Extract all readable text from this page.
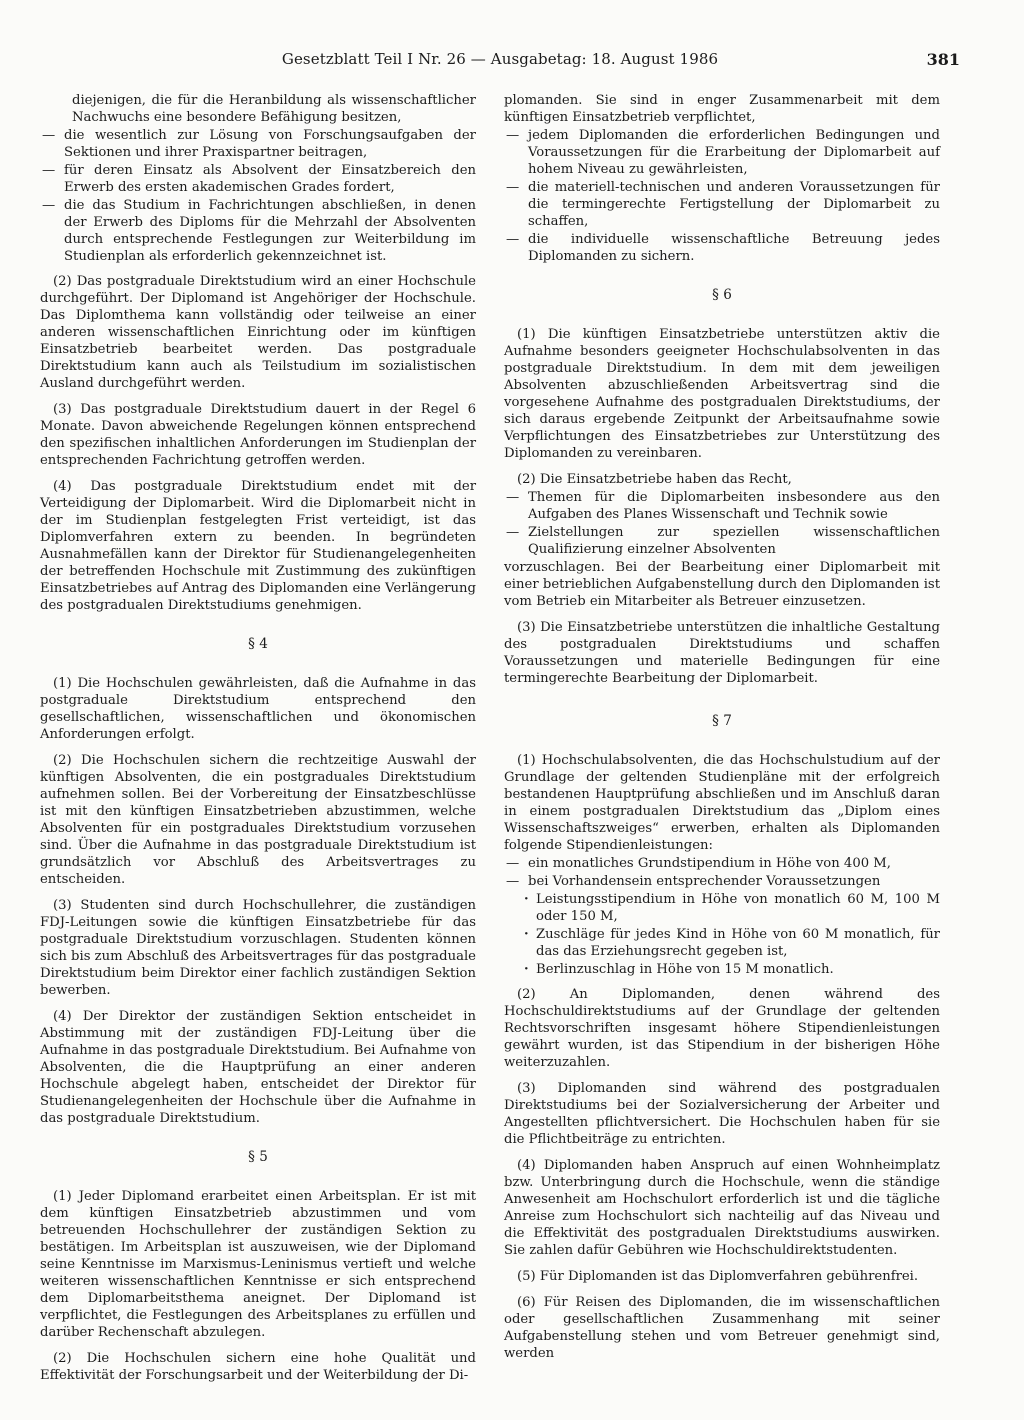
Gesetzblatt Teil I Nr. 26 — Ausgabetag: 18. August 1986	381

diejenigen, die für die Heranbildung als wissenschaftlicher Nachwuchs eine besondere Befähigung besitzen,

— die wesentlich zur Lösung von Forschungsaufgaben der Sektionen und ihrer Praxispartner beitragen,
— für deren Einsatz als Absolvent der Einsatzbereich den Erwerb des ersten akademischen Grades fordert,
— die das Studium in Fachrichtungen abschließen, in denen der Erwerb des Diploms für die Mehrzahl der Absolventen durch entsprechende Festlegungen zur Weiterbildung im Studienplan als erforderlich gekennzeichnet ist.

(2) Das postgraduale Direktstudium wird an einer Hochschule durchgeführt. Der Diplomand ist Angehöriger der Hochschule. Das Diplomthema kann vollständig oder teilweise an einer anderen wissenschaftlichen Einrichtung oder im künftigen Einsatzbetrieb bearbeitet werden. Das postgraduale Direktstudium kann auch als Teilstudium im sozialistischen Ausland durchgeführt werden.

(3) Das postgraduale Direktstudium dauert in der Regel 6 Monate. Davon abweichende Regelungen können entsprechend den spezifischen inhaltlichen Anforderungen im Studienplan der entsprechenden Fachrichtung getroffen werden.

(4) Das postgraduale Direktstudium endet mit der Verteidigung der Diplomarbeit. Wird die Diplomarbeit nicht in der im Studienplan festgelegten Frist verteidigt, ist das Diplomverfahren extern zu beenden. In begründeten Ausnahmefällen kann der Direktor für Studienangelegenheiten der betreffenden Hochschule mit Zustimmung des zukünftigen Einsatzbetriebes auf Antrag des Diplomanden eine Verlängerung des postgradualen Direktstudiums genehmigen.

§ 4

(1) Die Hochschulen gewährleisten, daß die Aufnahme in das postgraduale Direktstudium entsprechend den gesellschaftlichen, wissenschaftlichen und ökonomischen Anforderungen erfolgt.

(2) Die Hochschulen sichern die rechtzeitige Auswahl der künftigen Absolventen, die ein postgraduales Direktstudium aufnehmen sollen. Bei der Vorbereitung der Einsatzbeschlüsse ist mit den künftigen Einsatzbetrieben abzustimmen, welche Absolventen für ein postgraduales Direktstudium vorzusehen sind. Über die Aufnahme in das postgraduale Direktstudium ist grundsätzlich vor Abschluß des Arbeitsvertrages zu entscheiden.

(3) Studenten sind durch Hochschullehrer, die zuständigen FDJ-Leitungen sowie die künftigen Einsatzbetriebe für das postgraduale Direktstudium vorzuschlagen. Studenten können sich bis zum Abschluß des Arbeitsvertrages für das postgraduale Direktstudium beim Direktor einer fachlich zuständigen Sektion bewerben.

(4) Der Direktor der zuständigen Sektion entscheidet in Abstimmung mit der zuständigen FDJ-Leitung über die Aufnahme in das postgraduale Direktstudium. Bei Aufnahme von Absolventen, die die Hauptprüfung an einer anderen Hochschule abgelegt haben, entscheidet der Direktor für Studienangelegenheiten der Hochschule über die Aufnahme in das postgraduale Direktstudium.

§ 5

(1) Jeder Diplomand erarbeitet einen Arbeitsplan. Er ist mit dem künftigen Einsatzbetrieb abzustimmen und vom betreuenden Hochschullehrer der zuständigen Sektion zu bestätigen. Im Arbeitsplan ist auszuweisen, wie der Diplomand seine Kenntnisse im Marxismus-Leninismus vertieft und welche weiteren wissenschaftlichen Kenntnisse er sich entsprechend dem Diplomarbeitsthema aneignet. Der Diplomand ist verpflichtet, die Festlegungen des Arbeitsplanes zu erfüllen und darüber Rechenschaft abzulegen.

(2) Die Hochschulen sichern eine hohe Qualität und Effektivität der Forschungsarbeit und der Weiterbildung der Di-

plomanden. Sie sind in enger Zusammenarbeit mit dem künftigen Einsatzbetrieb verpflichtet,

— jedem Diplomanden die erforderlichen Bedingungen und Voraussetzungen für die Erarbeitung der Diplomarbeit auf hohem Niveau zu gewährleisten,
— die materiell-technischen und anderen Voraussetzungen für die termingerechte Fertigstellung der Diplomarbeit zu schaffen,
— die individuelle wissenschaftliche Betreuung jedes Diplomanden zu sichern.
§ 6

(1) Die künftigen Einsatzbetriebe unterstützen aktiv die Aufnahme besonders geeigneter Hochschulabsolventen in das postgraduale Direktstudium. In dem mit dem jeweiligen Absolventen abzuschließenden Arbeitsvertrag sind die vorgesehene Aufnahme des postgradualen Direktstudiums, der sich daraus ergebende Zeitpunkt der Arbeitsaufnahme sowie Verpflichtungen des Einsatzbetriebes zur Unterstützung des Diplomanden zu vereinbaren.

(2) Die Einsatzbetriebe haben das Recht,

— Themen für die Diplomarbeiten insbesondere aus den Aufgaben des Planes Wissenschaft und Technik sowie
— Zielstellungen zur speziellen wissenschaftlichen Qualifizierung einzelner Absolventen

vorzuschlagen. Bei der Bearbeitung einer Diplomarbeit mit einer betrieblichen Aufgabenstellung durch den Diplomanden ist vom Betrieb ein Mitarbeiter als Betreuer einzusetzen.

(3) Die Einsatzbetriebe unterstützen die inhaltliche Gestaltung des postgradualen Direktstudiums und schaffen Voraussetzungen und materielle Bedingungen für eine termingerechte Bearbeitung der Diplomarbeit.

§ 7

(1) Hochschulabsolventen, die das Hochschulstudium auf der Grundlage der geltenden Studienpläne mit der erfolgreich bestandenen Hauptprüfung abschließen und im Anschluß daran in einem postgradualen Direktstudium das „Diplom eines Wissenschaftszweiges“ erwerben, erhalten als Diplomanden folgende Stipendienleistungen:

— ein monatliches Grundstipendium in Höhe von 400 M,
— bei Vorhandensein entsprechender Voraussetzungen
· Leistungsstipendium in Höhe von monatlich 60 M, 100 M oder 150 M,
· Zuschläge für jedes Kind in Höhe von 60 M monatlich, für das das Erziehungsrecht gegeben ist,
· Berlinzuschlag in Höhe von 15 M monatlich.

(2) An Diplomanden, denen während des Hochschuldirektstudiums auf der Grundlage der geltenden Rechtsvorschriften insgesamt höhere Stipendienleistungen gewährt wurden, ist das Stipendium in der bisherigen Höhe weiterzuzahlen.

(3) Diplomanden sind während des postgradualen Direktstudiums bei der Sozialversicherung der Arbeiter und Angestellten pflichtversichert. Die Hochschulen haben für sie die Pflichtbeiträge zu entrichten.

(4) Diplomanden haben Anspruch auf einen Wohnheimplatz bzw. Unterbringung durch die Hochschule, wenn die ständige Anwesenheit am Hochschulort erforderlich ist und die tägliche Anreise zum Hochschulort sich nachteilig auf das Niveau und die Effektivität des postgradualen Direktstudiums auswirken. Sie zahlen dafür Gebühren wie Hochschuldirektstudenten.

(5) Für Diplomanden ist das Diplomverfahren gebührenfrei.

(6) Für Reisen des Diplomanden, die im wissenschaftlichen oder gesellschaftlichen Zusammenhang mit seiner Aufgabenstellung stehen und vom Betreuer genehmigt sind, werden
